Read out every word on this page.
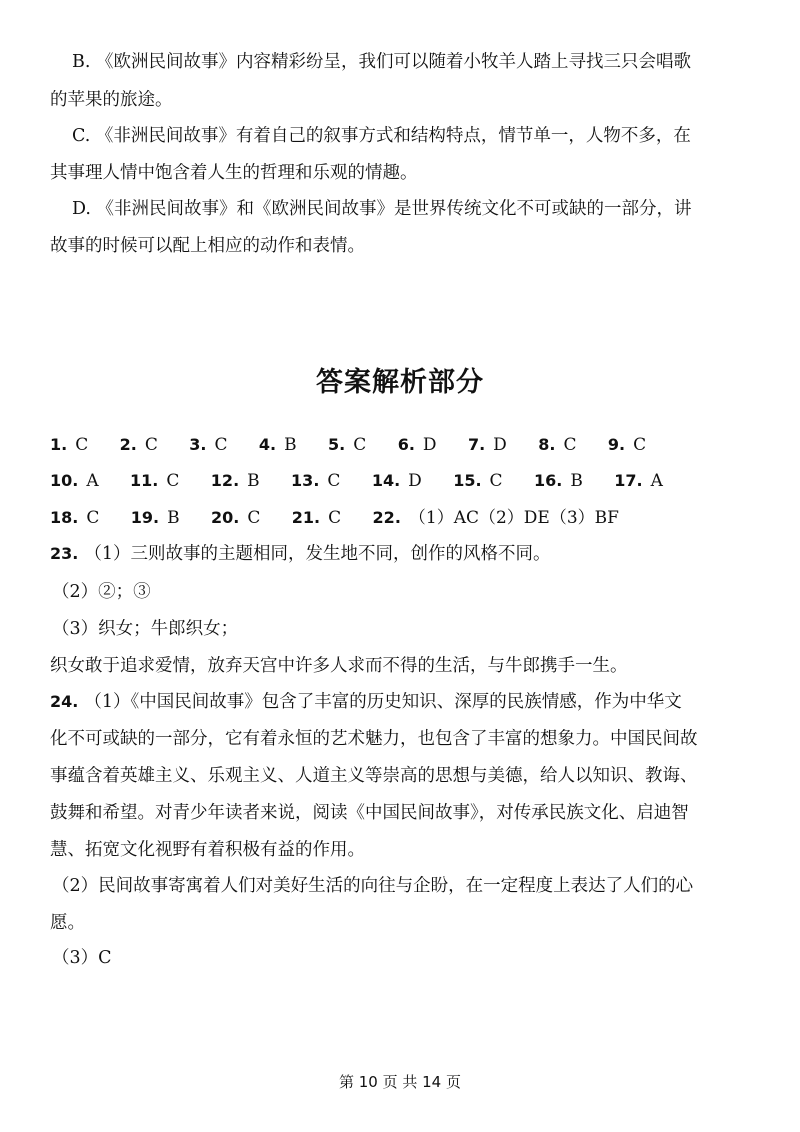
B. 《欧洲民间故事》内容精彩纷呈，我们可以随着小牧羊人踏上寻找三只会唱歌
的苹果的旅途。
C. 《非洲民间故事》有着自己的叙事方式和结构特点，情节单一，人物不多，在
其事理人情中饱含着人生的哲理和乐观的情趣。
D. 《非洲民间故事》和《欧洲民间故事》是世界传统文化不可或缺的一部分，讲
故事的时候可以配上相应的动作和表情。
答案解析部分
1. C 2. C 3. C 4. B 5. C 6. D 7. D 8. C 9. C
10. A 11. C 12. B 13. C 14. D 15. C 16. B 17. A
18. C 19. B 20. C 21. C 22. （1）AC（2）DE（3）BF
23. （1）三则故事的主题相同，发生地不同，创作的风格不同。
（2）②；③
（3）织女；牛郎织女；
织女敢于追求爱情，放弃天宫中许多人求而不得的生活，与牛郎携手一生。
24. （1）《中国民间故事》包含了丰富的历史知识、深厚的民族情感，作为中华文
化不可或缺的一部分，它有着永恒的艺术魅力，也包含了丰富的想象力。中国民间故
事蕴含着英雄主义、乐观主义、人道主义等崇高的思想与美德，给人以知识、教诲、
鼓舞和希望。对青少年读者来说，阅读《中国民间故事》，对传承民族文化、启迪智
慧、拓宽文化视野有着积极有益的作用。
（2）民间故事寄寓着人们对美好生活的向往与企盼，在一定程度上表达了人们的心
愿。
（3）C
第 10 页 共 14 页
